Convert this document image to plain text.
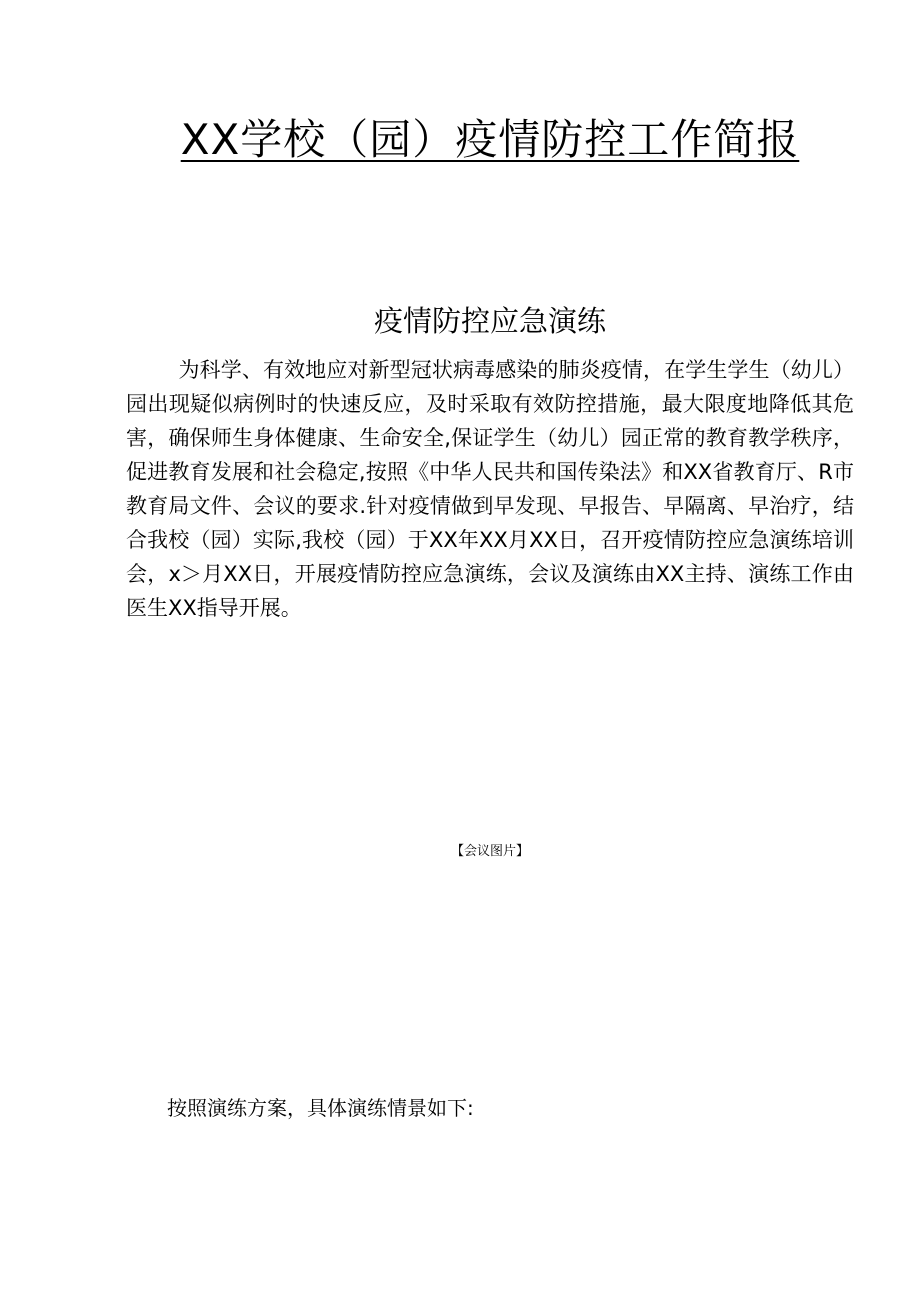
XX学校（园）疫情防控工作简报
疫情防控应急演练

为科学、有效地应对新型冠状病毒感染的肺炎疫情，在学生学生（幼儿）园出现疑似病例时的快速反应，及时采取有效防控措施，最大限度地降低其危害，确保师生身体健康、生命安全,保证学生（幼儿）园正常的教育教学秩序，促进教育发展和社会稳定,按照《中华人民共和国传染法》和XX省教育厅、R市教育局文件、会议的要求.针对疫情做到早发现、早报告、早隔离、早治疗，结合我校（园）实际,我校（园）于XX年XX月XX日，召开疫情防控应急演练培训会，x＞月XX日，开展疫情防控应急演练，会议及演练由XX主持、演练工作由医生XX指导开展。

【会议图片】
按照演练方案，具体演练情景如下:
